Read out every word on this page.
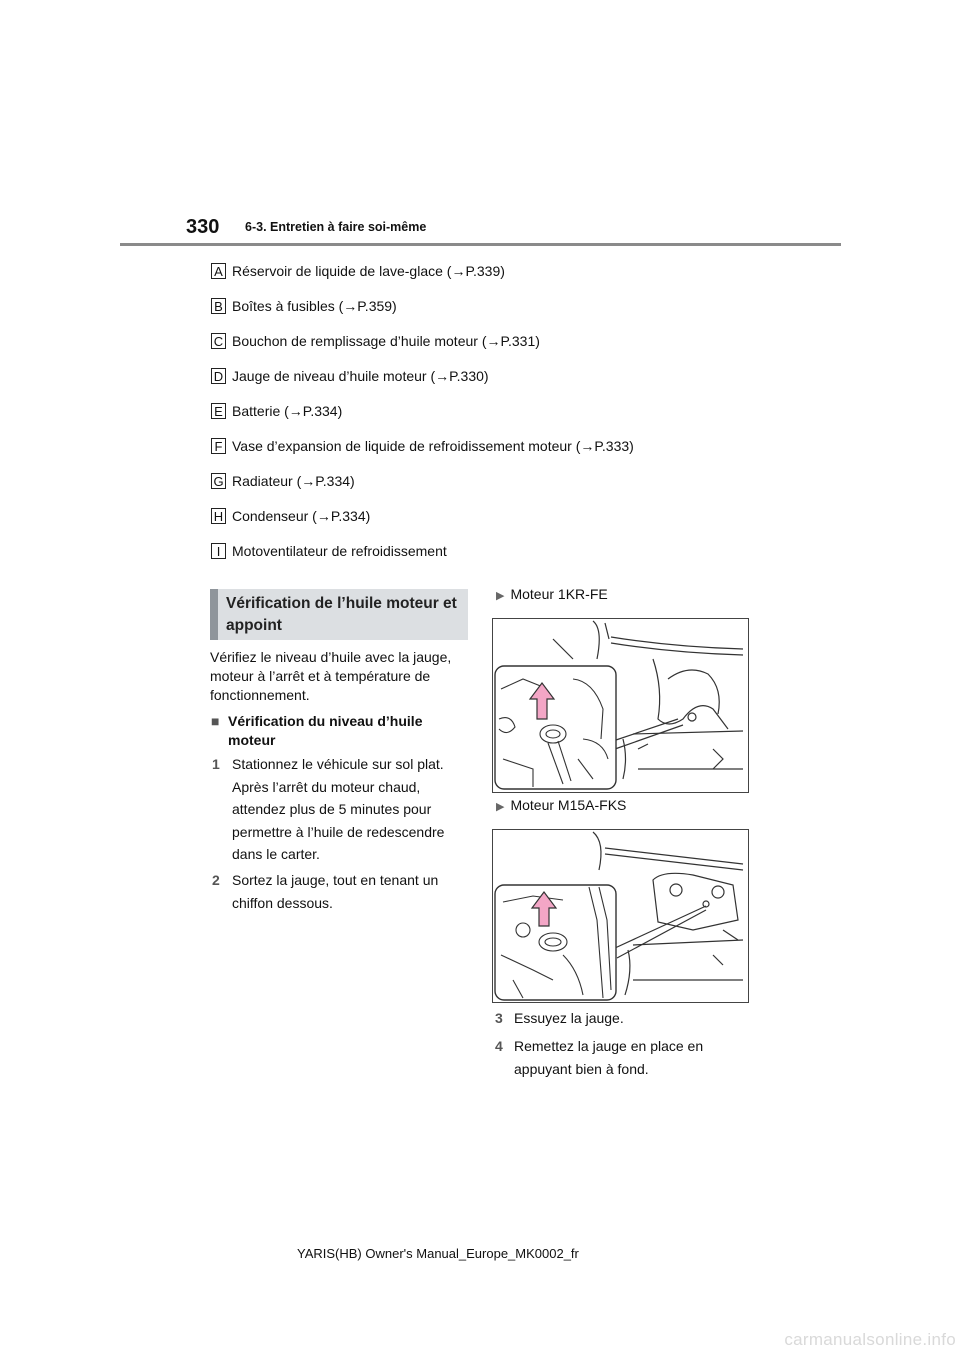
330 6-3. Entretien à faire soi-même
A Réservoir de liquide de lave-glace (→P.339)
B Boîtes à fusibles (→P.359)
C Bouchon de remplissage d’huile moteur (→P.331)
D Jauge de niveau d’huile moteur (→P.330)
E Batterie (→P.334)
F Vase d’expansion de liquide de refroidissement moteur (→P.333)
G Radiateur (→P.334)
H Condenseur (→P.334)
I Motoventilateur de refroidissement
Vérification de l’huile moteur et
appoint
Vérifiez le niveau d’huile avec la jauge,
moteur à l’arrêt et à température de
fonctionnement.
■ Vérification du niveau d’huile
moteur
1 Stationnez le véhicule sur sol plat.
Après l’arrêt du moteur chaud,
attendez plus de 5 minutes pour
permettre à l’huile de redescendre
dans le carter.
2 Sortez la jauge, tout en tenant un
chiffon dessous.
▶ Moteur 1KR-FE
▶ Moteur M15A-FKS
3 Essuyez la jauge.
4 Remettez la jauge en place en
appuyant bien à fond.
YARIS(HB) Owner's Manual_Europe_MK0002_fr
carmanualsonline.info
